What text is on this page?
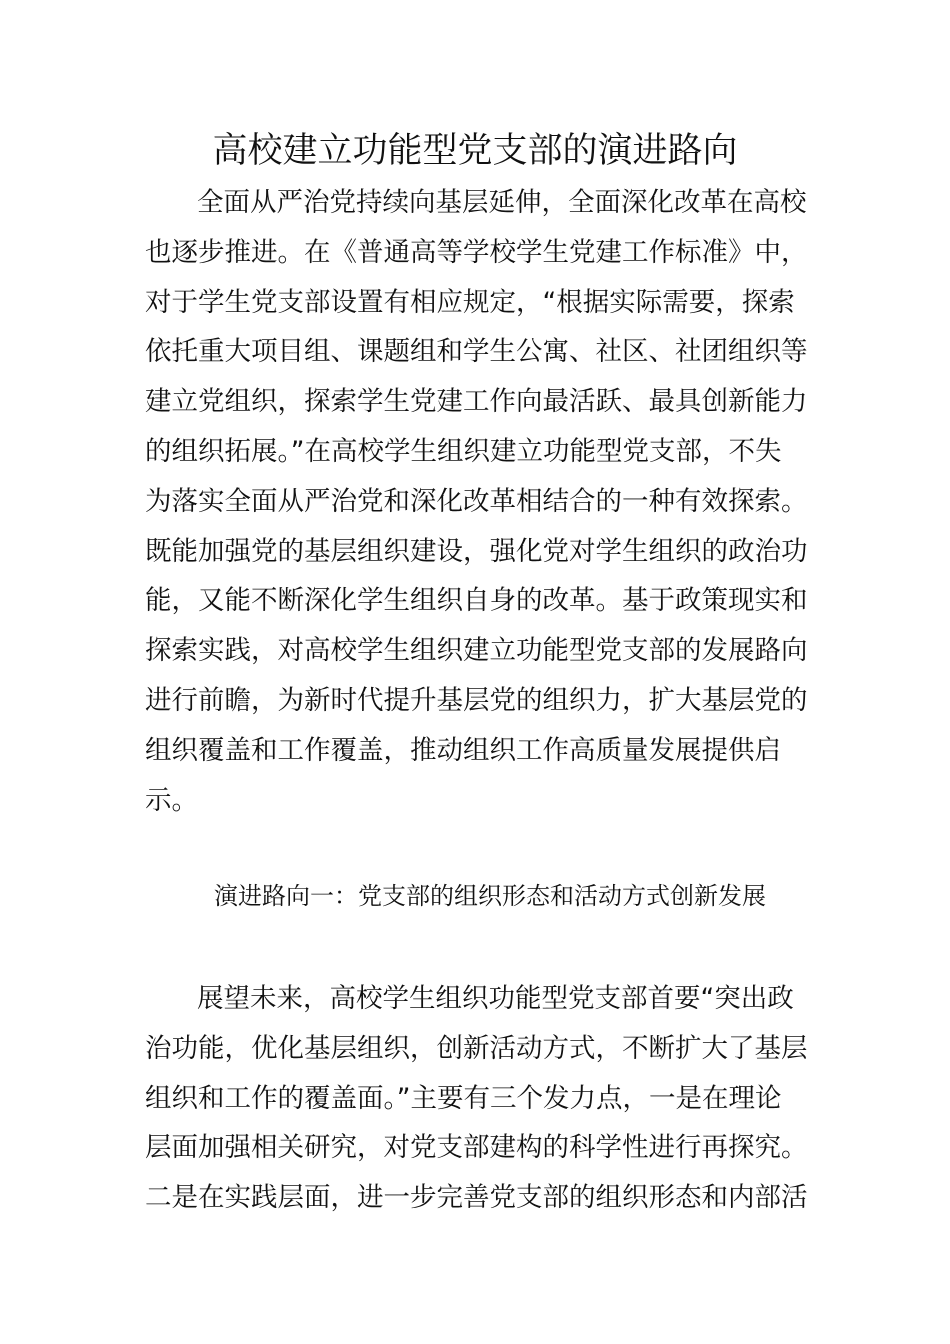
高校建立功能型党支部的演进路向
全面从严治党持续向基层延伸，全面深化改革在高校
也逐步推进。在《普通高等学校学生党建工作标准》中，
对于学生党支部设置有相应规定，“根据实际需要，探索
依托重大项目组、课题组和学生公寓、社区、社团组织等
建立党组织，探索学生党建工作向最活跃、最具创新能力
的组织拓展。”在高校学生组织建立功能型党支部，不失
为落实全面从严治党和深化改革相结合的一种有效探索。
既能加强党的基层组织建设，强化党对学生组织的政治功
能，又能不断深化学生组织自身的改革。基于政策现实和
探索实践，对高校学生组织建立功能型党支部的发展路向
进行前瞻，为新时代提升基层党的组织力，扩大基层党的
组织覆盖和工作覆盖，推动组织工作高质量发展提供启
示。
演进路向一：党支部的组织形态和活动方式创新发展
展望未来，高校学生组织功能型党支部首要“突出政
治功能，优化基层组织，创新活动方式，不断扩大了基层
组织和工作的覆盖面。”主要有三个发力点，一是在理论
层面加强相关研究，对党支部建构的科学性进行再探究。
二是在实践层面，进一步完善党支部的组织形态和内部活
